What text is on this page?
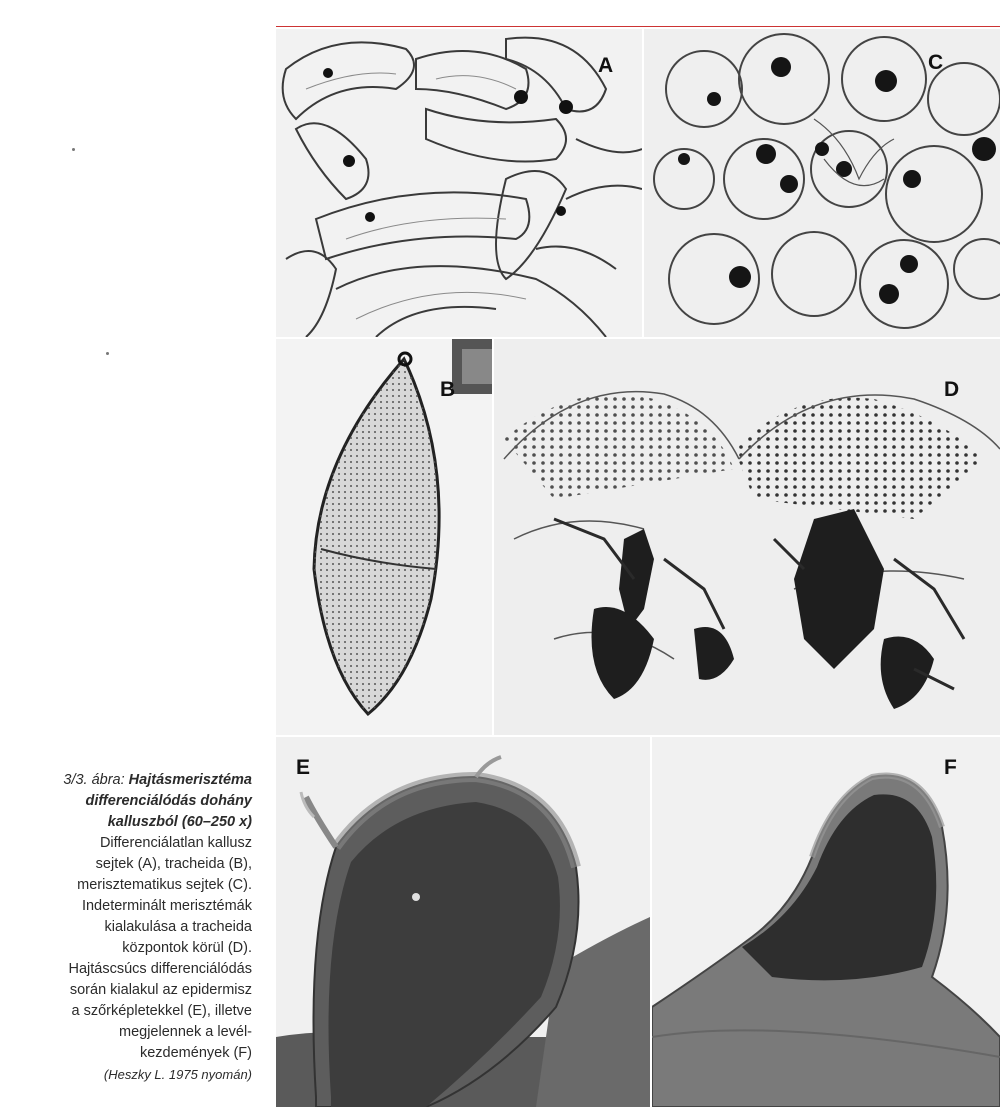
A	C
B	D
E	F
3/3. ábra: Hajtásmerisztéma
differenciálódás dohány
kalluszból (60–250 x)
Differenciálatlan kallusz
sejtek (A), tracheida (B),
merisztematikus sejtek (C).
Indeterminált merisztémák
kialakulása a tracheida
központok körül (D).
Hajtáscsúcs differenciálódás
során kialakul az epidermisz
a szőrképletekkel (E), illetve
megjelennek a levél-
kezdemények (F)
(Heszky L. 1975 nyomán)
